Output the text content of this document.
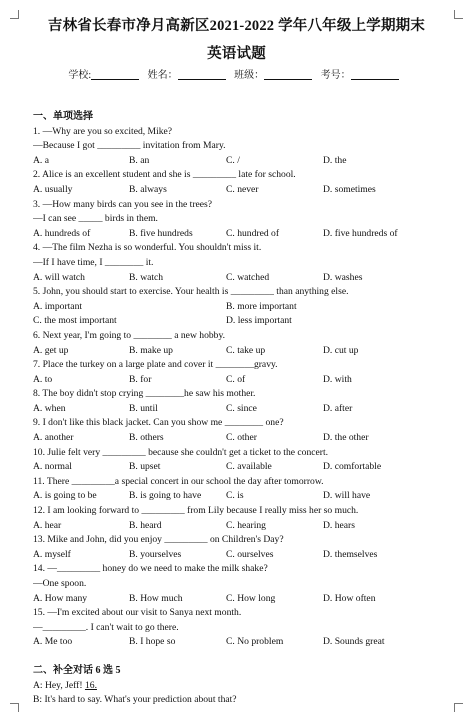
吉林省长春市净月高新区2021-2022 学年八年级上学期期末
英语试题
学校:	姓名：	班级：	考号：
一、单项选择
1. —Why are you so excited, Mike?
—Because I got _________ invitation from Mary.
A. a	B. an	C. /	D. the
2. Alice is an excellent student and she is _________ late for school.
A. usually	B. always	C. never	D. sometimes
3. —How many birds can you see in the trees?
—I can see _____ birds in them.
A. hundreds of	B. five hundreds	C. hundred of	D. five hundreds of
4. —The film Nezha is so wonderful. You shouldn't miss it.
—If I have time, I ________ it.
A. will watch	B. watch	C. watched	D. washes
5. John, you should start to exercise. Your health is _________ than anything else.
A. important	B. more important
C. the most important	D. less important
6. Next year, I'm going to ________ a new hobby.
A. get up	B. make up	C. take up	D. cut up
7. Place the turkey on a large plate and cover it ________gravy.
A. to	B. for	C. of	D. with
8. The boy didn't stop crying ________he saw his mother.
A. when	B. until	C. since	D. after
9. I don't like this black jacket. Can you show me ________ one?
A. another	B. others	C. other	D. the other
10. Julie felt very _________ because she couldn't get a ticket to the concert.
A. normal	B. upset	C. available	D. comfortable
11. There _________a special concert in our school the day after tomorrow.
A. is going to be	B. is going to have	C. is	D. will have
12. I am looking forward to _________ from Lily because I really miss her so much.
A. hear	B. heard	C. hearing	D. hears
13. Mike and John, did you enjoy _________ on Children's Day?
A. myself	B. yourselves	C. ourselves	D. themselves
14. —_________ honey do we need to make the milk shake?
—One spoon.
A. How many	B. How much	C. How long	D. How often
15. —I'm excited about our visit to Sanya next month.
—_________. I can't wait to go there.
A. Me too	B. I hope so	C. No problem	D. Sounds great
二、补全对话 6 选 5
A: Hey, Jeff! 16.
B: It's hard to say. What's your prediction about that?
